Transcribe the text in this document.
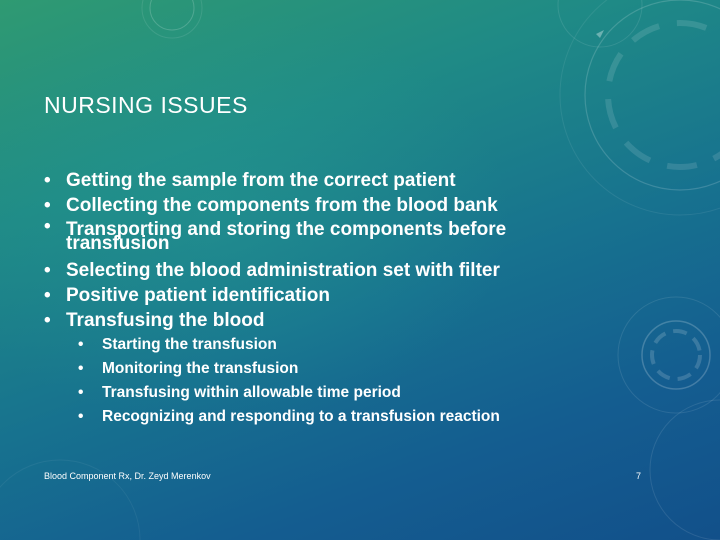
NURSING ISSUES
• Getting the sample from the correct patient
• Collecting the components from the blood bank
• Transporting and storing the components before transfusion
• Selecting the blood administration set with filter
• Positive patient identification
• Transfusing the blood
• Starting the transfusion
• Monitoring the transfusion
• Transfusing within allowable time period
• Recognizing and responding to a transfusion reaction
Blood Component Rx, Dr. Zeyd Merenkov	7
